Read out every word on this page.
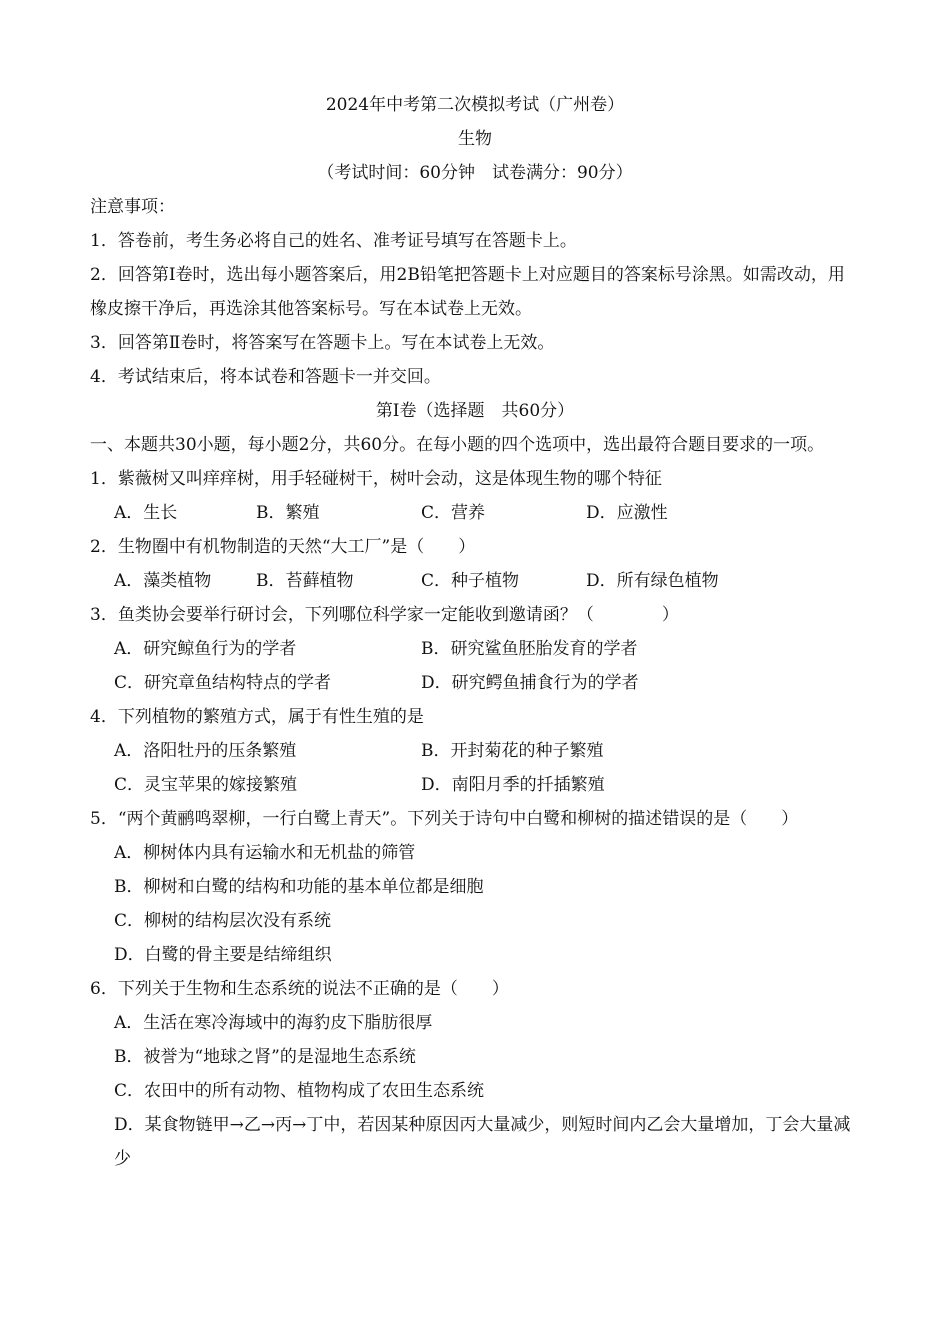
2024年中考第二次模拟考试（广州卷）
生物
（考试时间：60分钟　试卷满分：90分）
注意事项：
1．答卷前，考生务必将自己的姓名、准考证号填写在答题卡上。
2．回答第Ⅰ卷时，选出每小题答案后，用2B铅笔把答题卡上对应题目的答案标号涂黑。如需改动，用橡皮擦干净后，再选涂其他答案标号。写在本试卷上无效。
3．回答第Ⅱ卷时，将答案写在答题卡上。写在本试卷上无效。
4．考试结束后，将本试卷和答题卡一并交回。
第Ⅰ卷（选择题　共60分）
一、本题共30小题，每小题2分，共60分。在每小题的四个选项中，选出最符合题目要求的一项。
1．紫薇树又叫痒痒树，用手轻碰树干，树叶会动，这是体现生物的哪个特征
A．生长	B．繁殖	C．营养	D．应激性
2．生物圈中有机物制造的天然“大工厂”是（　　）
A．藻类植物	B．苔藓植物	C．种子植物	D．所有绿色植物
3．鱼类协会要举行研讨会，下列哪位科学家一定能收到邀请函？（　　　　）
A．研究鲸鱼行为的学者	B．研究鲨鱼胚胎发育的学者
C．研究章鱼结构特点的学者	D．研究鳄鱼捕食行为的学者
4．下列植物的繁殖方式，属于有性生殖的是
A．洛阳牡丹的压条繁殖	B．开封菊花的种子繁殖
C．灵宝苹果的嫁接繁殖	D．南阳月季的扦插繁殖
5．“两个黄鹂鸣翠柳，一行白鹭上青天”。下列关于诗句中白鹭和柳树的描述错误的是（　　）
A．柳树体内具有运输水和无机盐的筛管
B．柳树和白鹭的结构和功能的基本单位都是细胞
C．柳树的结构层次没有系统
D．白鹭的骨主要是结缔组织
6．下列关于生物和生态系统的说法不正确的是（　　）
A．生活在寒冷海域中的海豹皮下脂肪很厚
B．被誉为“地球之肾”的是湿地生态系统
C．农田中的所有动物、植物构成了农田生态系统
D．某食物链甲→乙→丙→丁中，若因某种原因丙大量减少，则短时间内乙会大量增加，丁会大量减少
